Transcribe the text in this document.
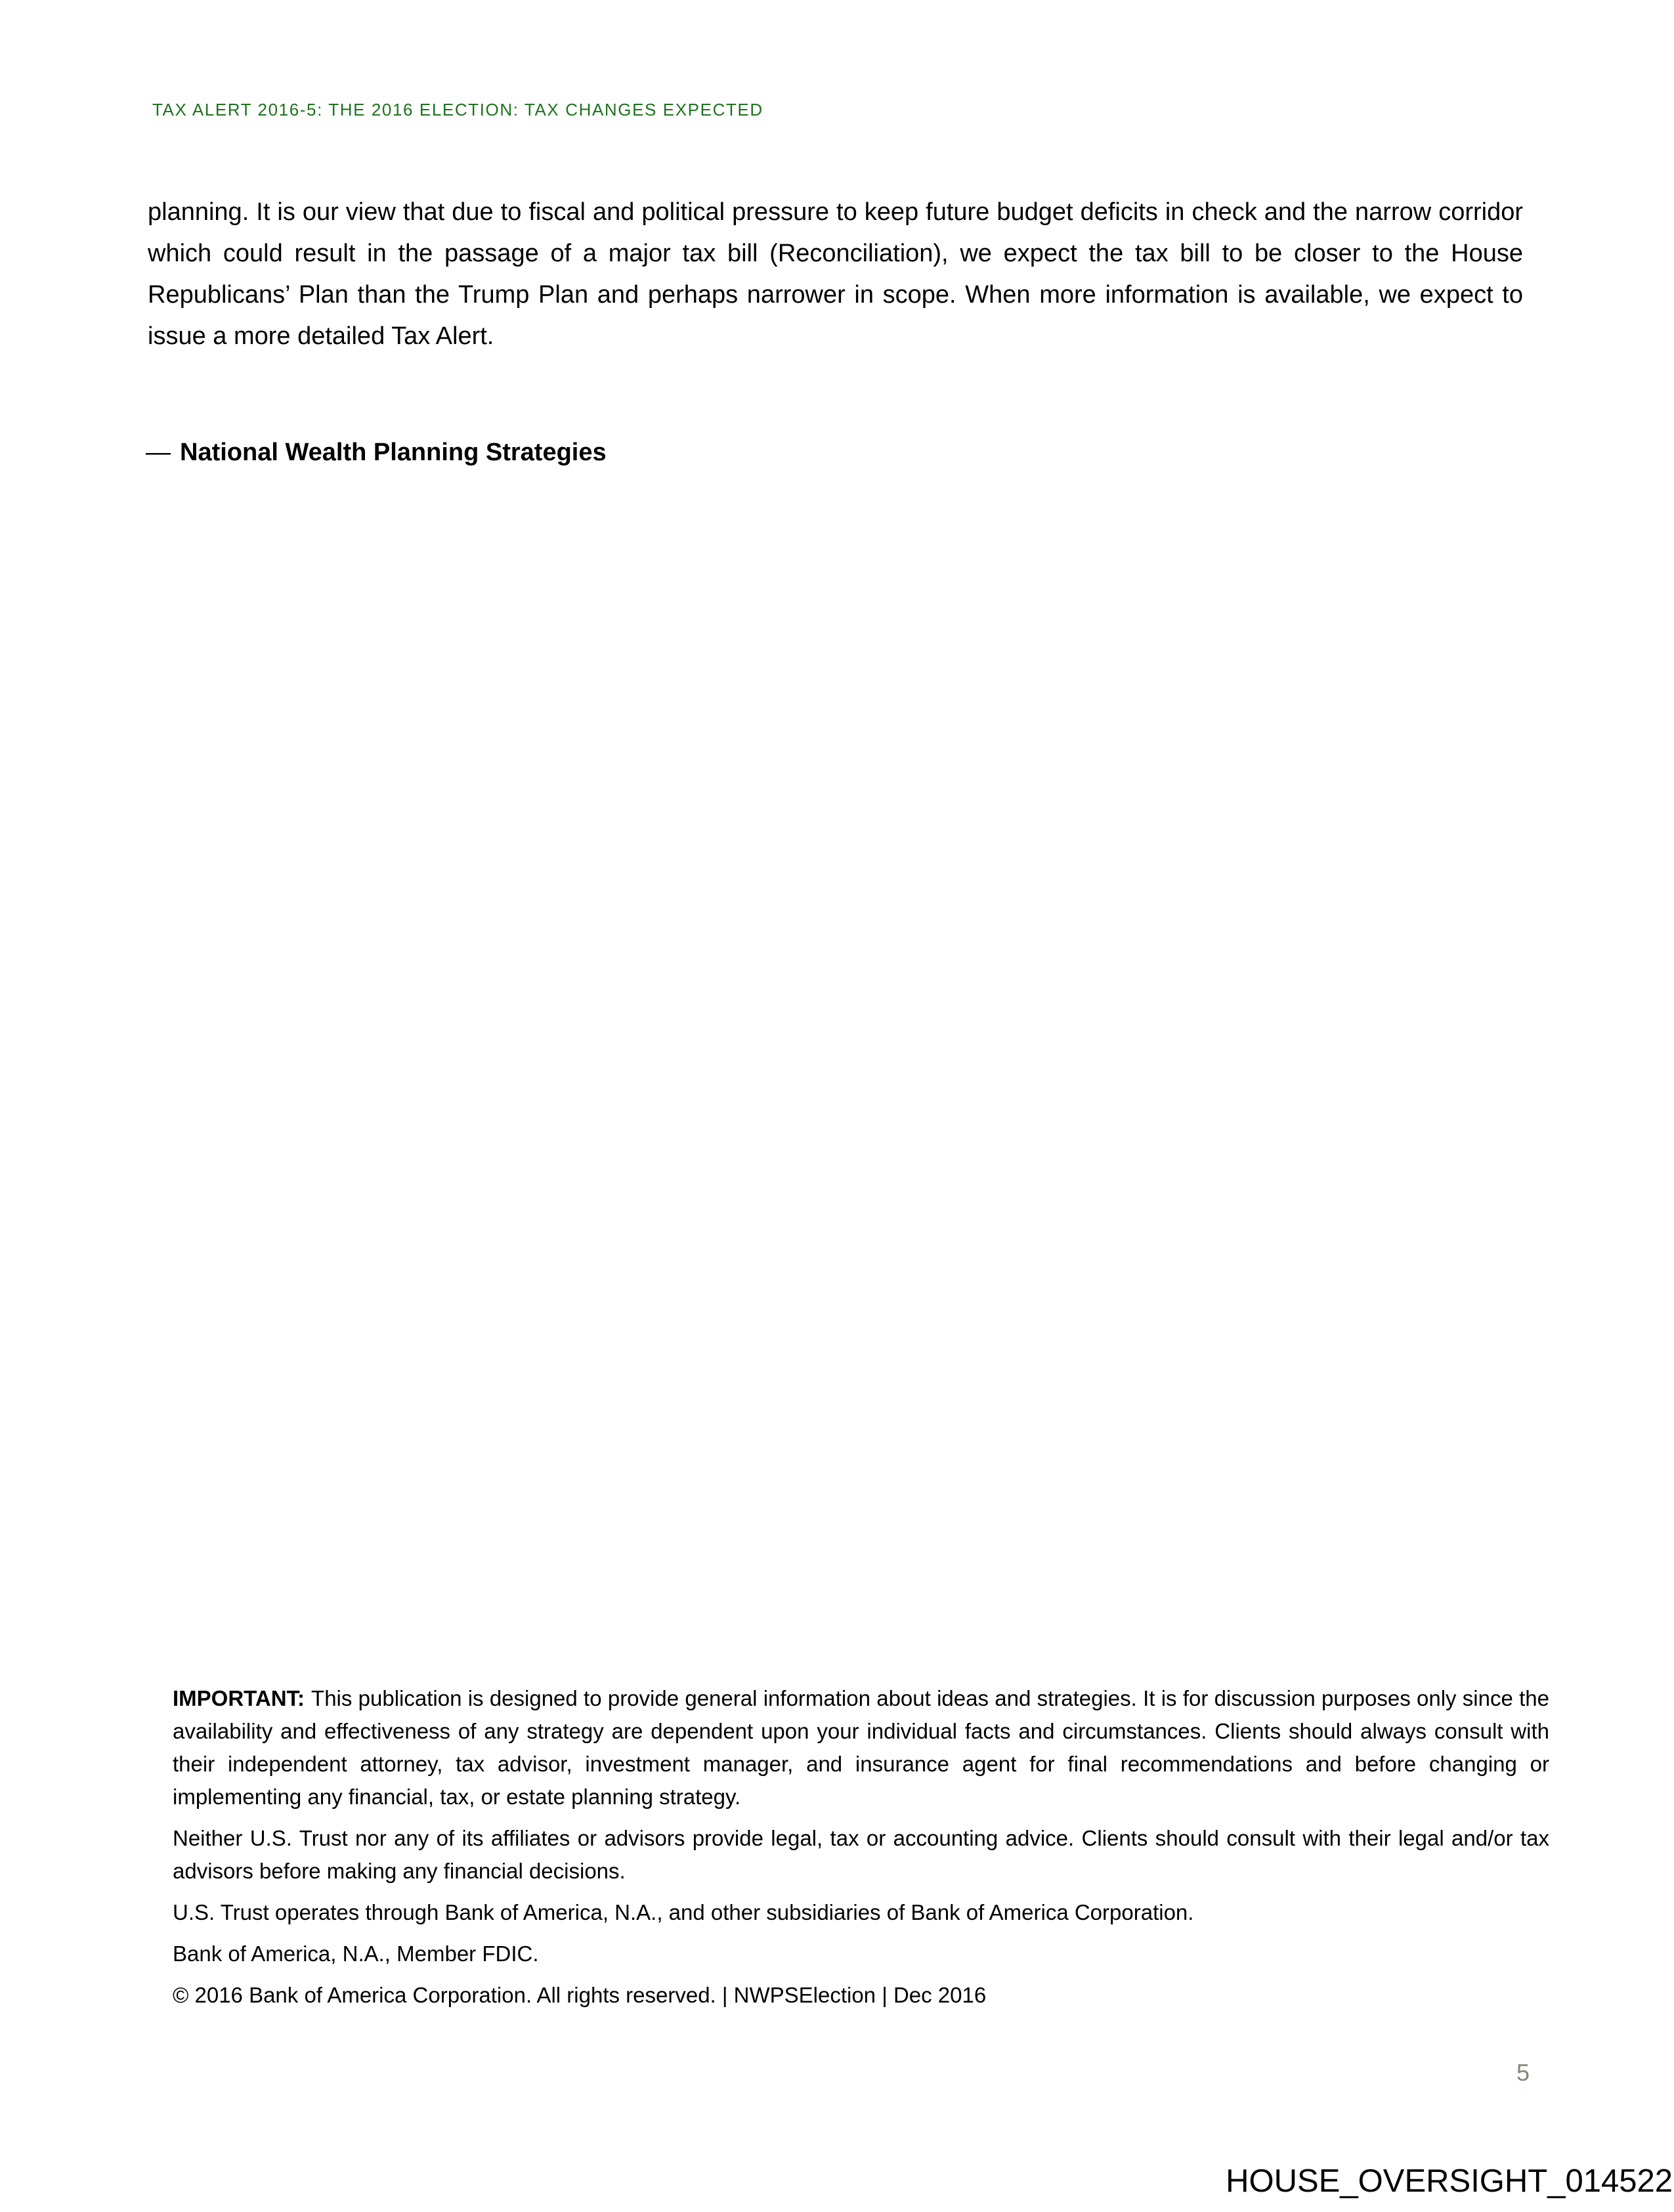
TAX ALERT 2016-5: THE 2016 ELECTION: TAX CHANGES EXPECTED

planning. It is our view that due to fiscal and political pressure to keep future budget deficits in check and the narrow corridor which could result in the passage of a major tax bill (Reconciliation), we expect the tax bill to be closer to the House Republicans’ Plan than the Trump Plan and perhaps narrower in scope. When more information is available, we expect to issue a more detailed Tax Alert.

— National Wealth Planning Strategies

IMPORTANT: This publication is designed to provide general information about ideas and strategies. It is for discussion purposes only since the availability and effectiveness of any strategy are dependent upon your individual facts and circumstances. Clients should always consult with their independent attorney, tax advisor, investment manager, and insurance agent for final recommendations and before changing or implementing any financial, tax, or estate planning strategy.

Neither U.S. Trust nor any of its affiliates or advisors provide legal, tax or accounting advice. Clients should consult with their legal and/or tax advisors before making any financial decisions.

U.S. Trust operates through Bank of America, N.A., and other subsidiaries of Bank of America Corporation.

Bank of America, N.A., Member FDIC.

© 2016 Bank of America Corporation. All rights reserved. | NWPSElection | Dec 2016

5
HOUSE_OVERSIGHT_014522
